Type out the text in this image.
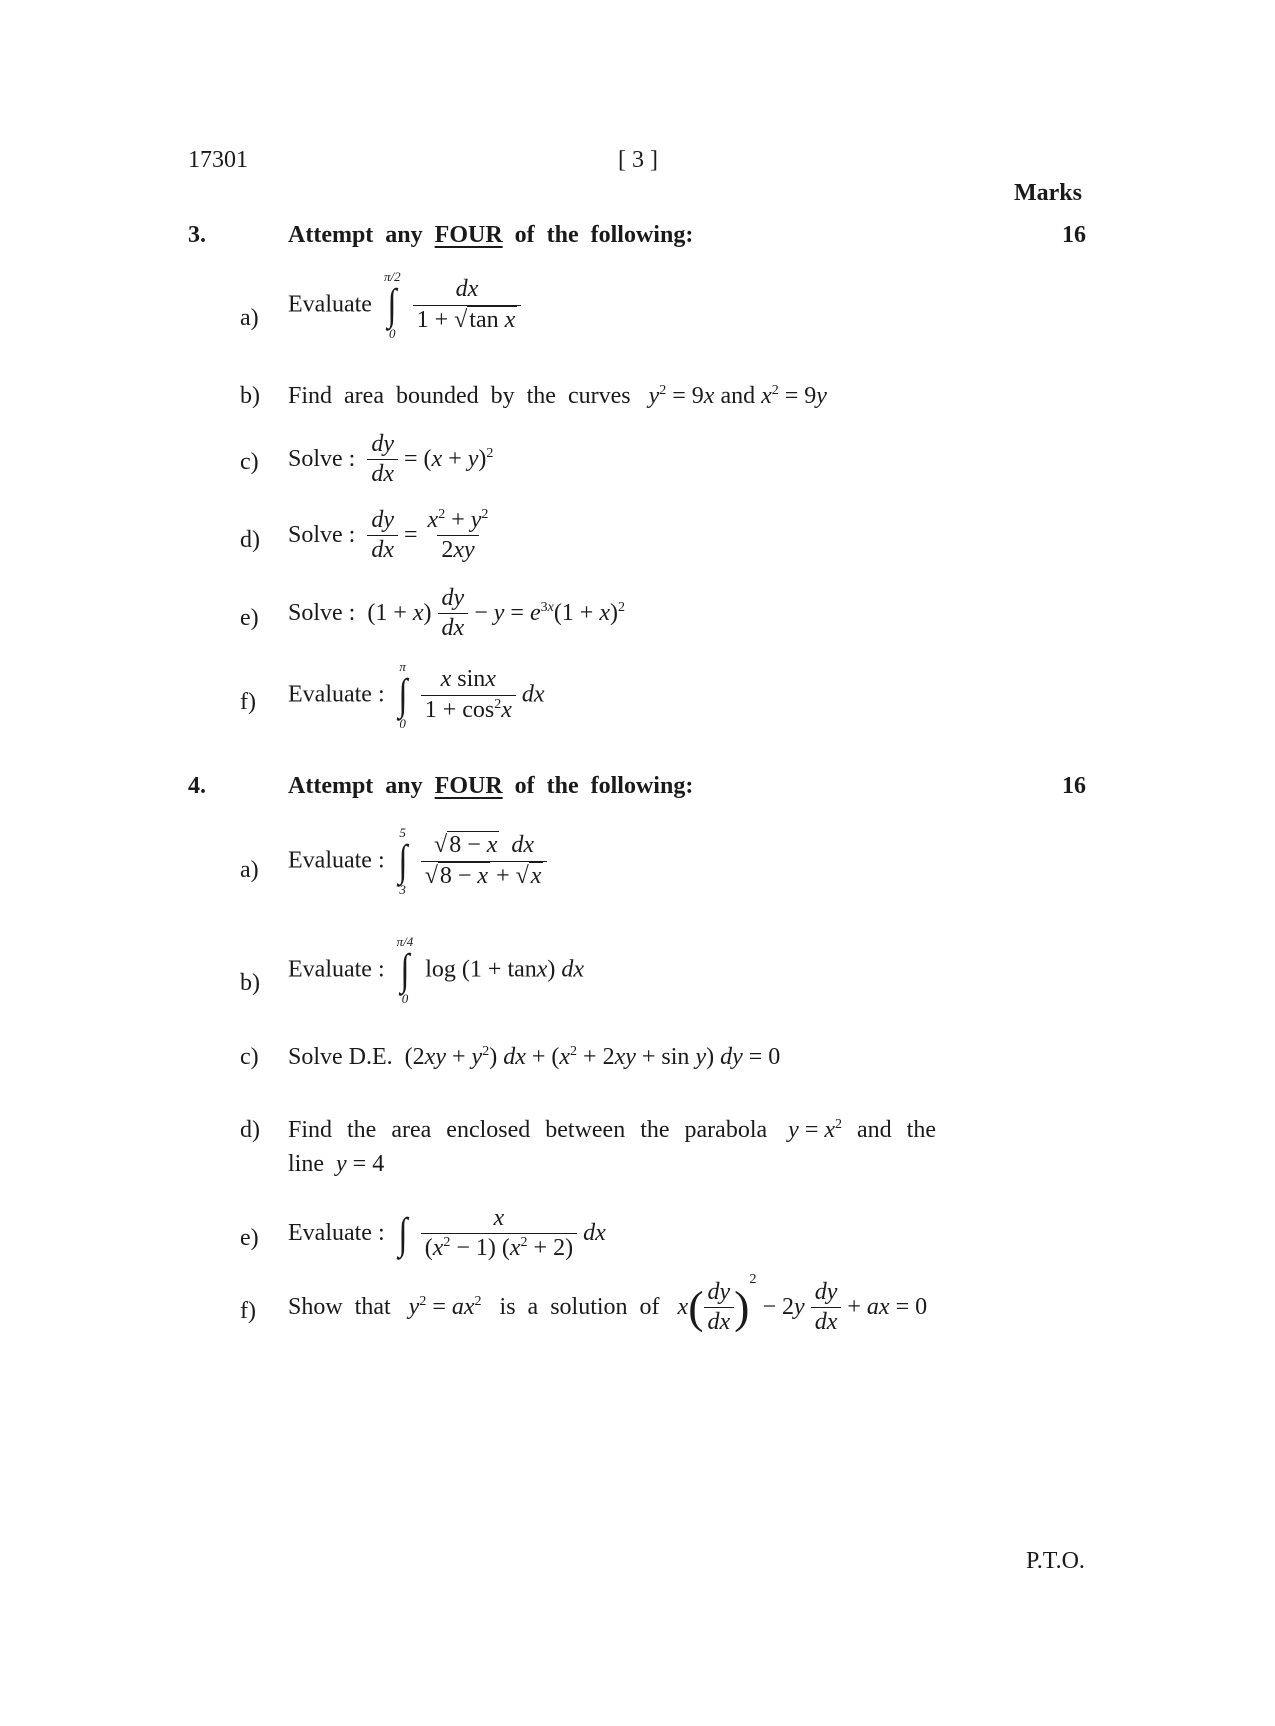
17301	[ 3 ]
Marks
3.	Attempt any FOUR of the following:	16
a)
Evaluate
π/2
∫
0

$\frac{dx}{\text{1 + √tan x}}$
b) Find area bounded by the curves $y^2 = 9x$ and $x^2 = 9y$
c) Solve : $\frac{dy}{dx} = (x + y)^2$
d) Solve : $\frac{dy}{dx} = \frac{x^2 + y^2}{2xy}$
e) Solve : $(1 + x) \frac{dy}{dx} - y = e^{3x}(1 + x)^2$
f) Evaluate :
π
∫
0

$\frac{\text{x sinx}}{1 + \cos^2x}$ dx
4.	Attempt any FOUR of the following:	16
a) Evaluate :
5
∫
3

$\frac{\text{√8 − x dx}}{√8 - x + √x}$
b)
Evaluate :
π/4
∫
0
log (1 + tanx) dx
c) Solve D.E.  $(2xy + y^2)$ dx + $(x^2 + 2xy + \sin y)$ dy = 0
d) Find the area enclosed between the parabola $y = x^2$ and the
line y = 4
e) Evaluate : ∫
$\frac{x}{(x^2 - 1) (x^2 + 2)}$ dx
f) Show that $y^2 = ax^2$ is a solution of  $x( \frac{dy}{dx} )^2 - 2y \frac{dy}{dx}$ + ax = 0
P.T.O.
